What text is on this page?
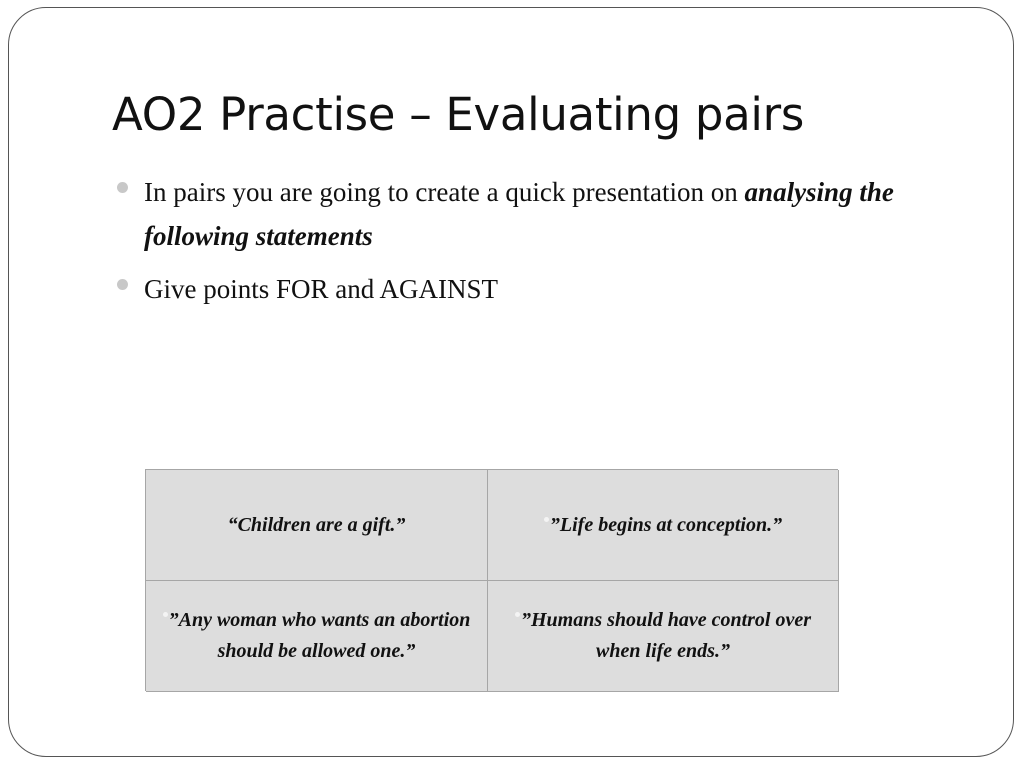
AO2 Practise – Evaluating pairs
In pairs you are going to create a quick presentation on analysing the following statements
Give points FOR and AGAINST
“Children are a gift.”	”Life begins at conception.”
”Any woman who wants an abortion should be allowed one.”
”Humans should have control over when life ends.”
